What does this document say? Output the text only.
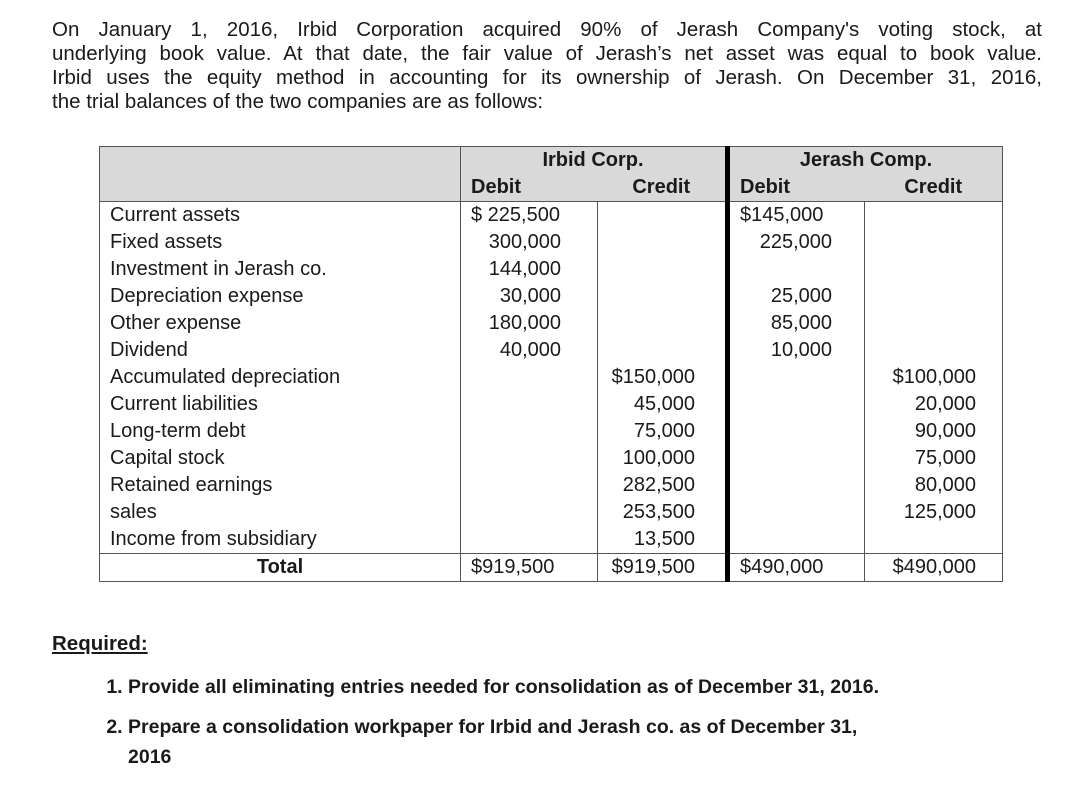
On January 1, 2016, Irbid Corporation acquired 90% of Jerash Company's voting stock, at
underlying book value. At that date, the fair value of Jerash’s net asset was equal to book value.
Irbid uses the equity method in accounting for its ownership of Jerash. On December 31, 2016,
the trial balances of the two companies are as follows:

	Irbid Corp.		Jerash Comp.	
	Debit	Credit	Debit	Credit
Current assets	$ 225,500		$145,000	
Fixed assets	300,000		225,000	
Investment in Jerash co.	144,000			
Depreciation expense	30,000		25,000	
Other expense	180,000		85,000	
Dividend	40,000		10,000	
Accumulated depreciation		$150,000		$100,000
Current liabilities		45,000		20,000
Long-term debt		75,000		90,000
Capital stock		100,000		75,000
Retained earnings		282,500		80,000
sales		253,500		125,000
Income from subsidiary		13,500		
Total	$919,500	$919,500	$490,000	$490,000

Required:

1. Provide all eliminating entries needed for consolidation as of December 31, 2016.
2. Prepare a consolidation workpaper for Irbid and Jerash co. as of December 31,
2016
